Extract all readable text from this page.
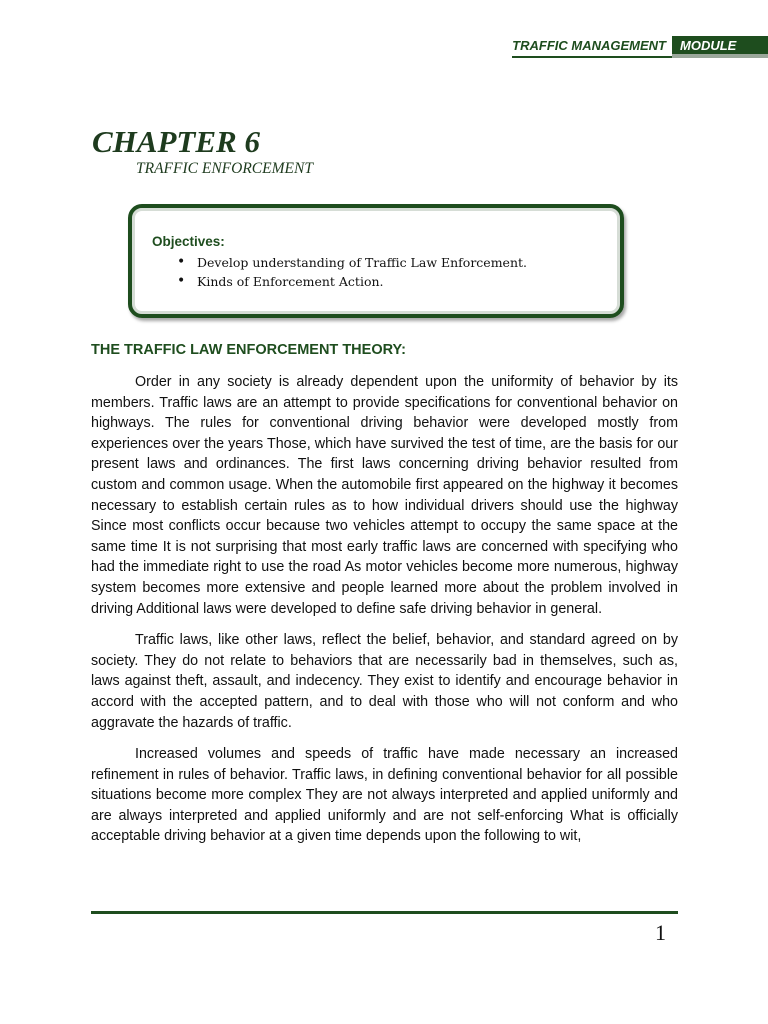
TRAFFIC MANAGEMENT	MODULE
CHAPTER 6
TRAFFIC ENFORCEMENT
Objectives:
• Develop understanding of Traffic Law Enforcement.
• Kinds of Enforcement Action.
THE TRAFFIC LAW ENFORCEMENT THEORY:

Order in any society is already dependent upon the uniformity of behavior by its members. Traffic laws are an attempt to provide specifications for conventional behavior on highways. The rules for conventional driving behavior were developed mostly from experiences over the years Those, which have survived the test of time, are the basis for our present laws and ordinances. The first laws concerning driving behavior resulted from custom and common usage. When the automobile first appeared on the highway it becomes necessary to establish certain rules as to how individual drivers should use the highway Since most conflicts occur because two vehicles attempt to occupy the same space at the same time It is not surprising that most early traffic laws are concerned with specifying who had the immediate right to use the road As motor vehicles become more numerous, highway system becomes more extensive and people learned more about the problem involved in driving Additional laws were developed to define safe driving behavior in general.

Traffic laws, like other laws, reflect the belief, behavior, and standard agreed on by society. They do not relate to behaviors that are necessarily bad in themselves, such as, laws against theft, assault, and indecency. They exist to identify and encourage behavior in accord with the accepted pattern, and to deal with those who will not conform and who aggravate the hazards of traffic.

Increased volumes and speeds of traffic have made necessary an increased refinement in rules of behavior. Traffic laws, in defining conventional behavior for all possible situations become more complex They are not always interpreted and applied uniformly and are always interpreted and applied uniformly and are not self-enforcing What is officially acceptable driving behavior at a given time depends upon the following to wit,

1
